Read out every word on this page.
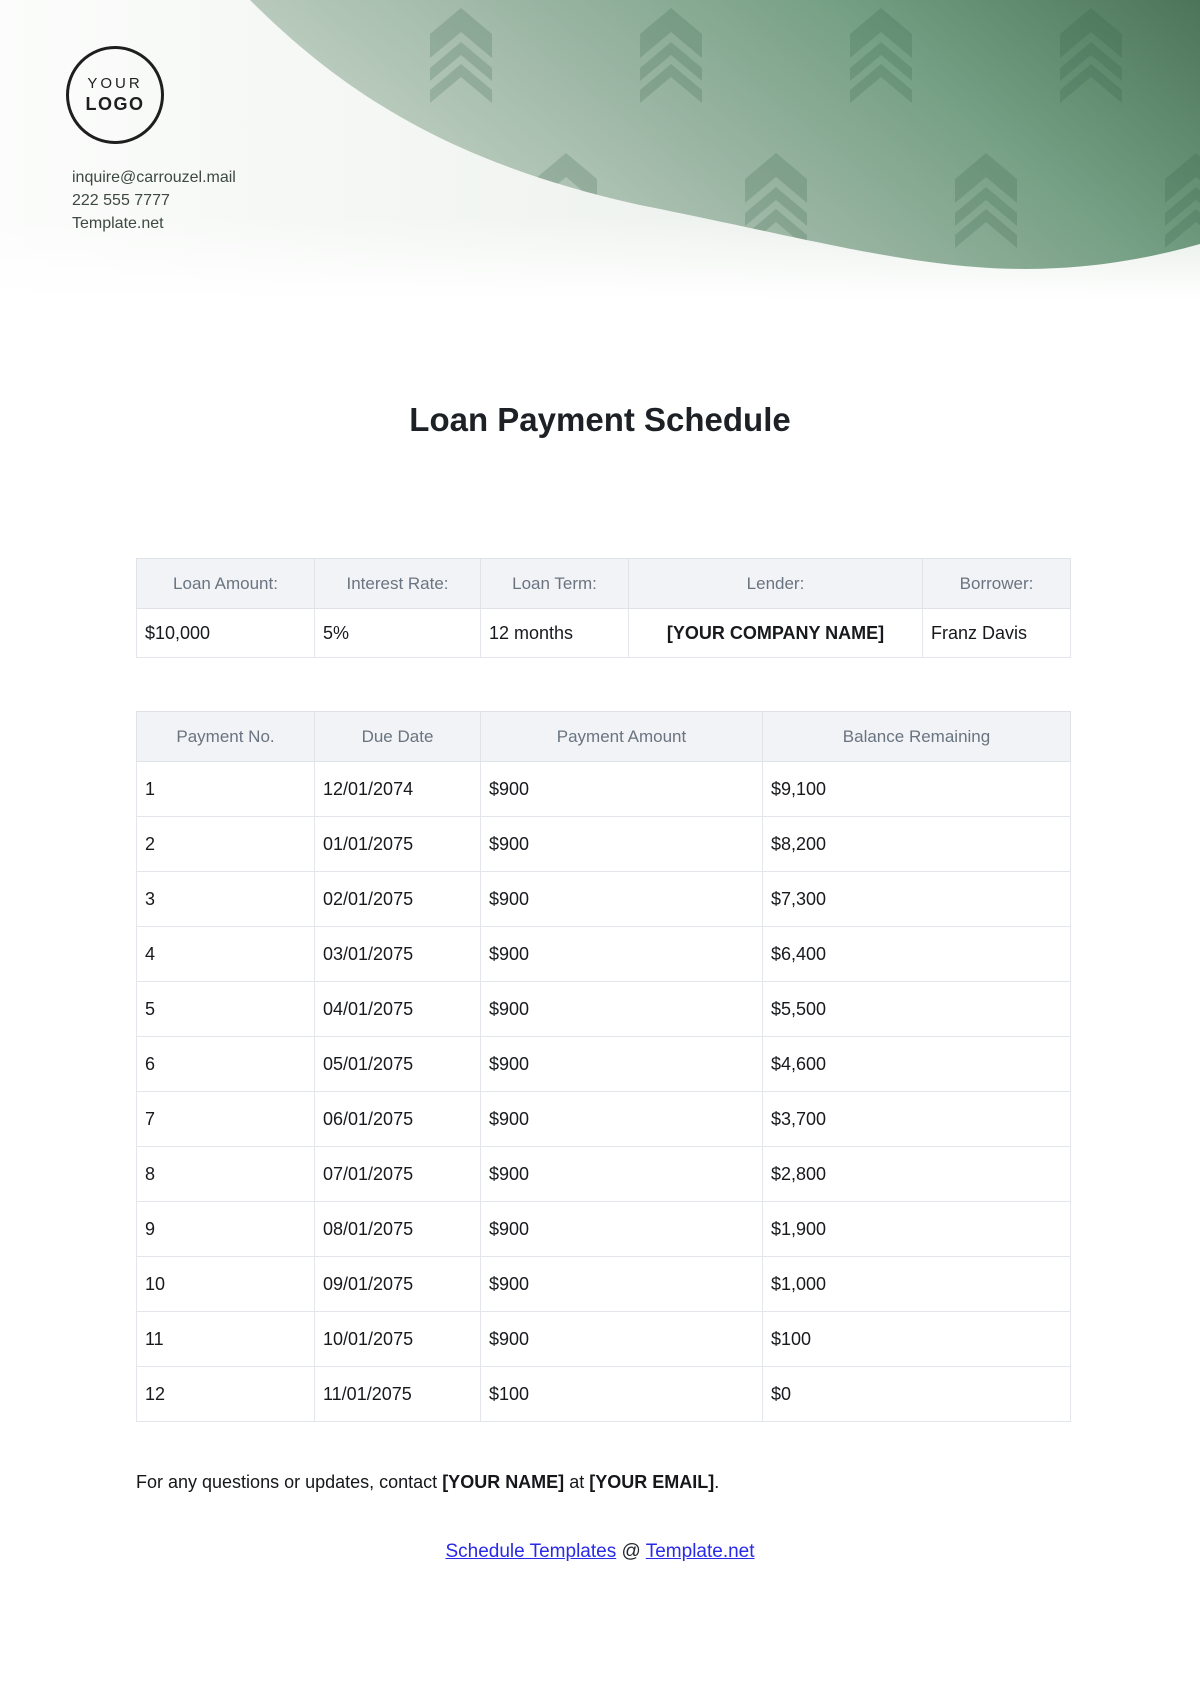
YOUR
LOGO
inquire@carrouzel.mail
222 555 7777
Template.net
Loan Payment Schedule
Loan Amount:	Interest Rate:	Loan Term:	Lender:	Borrower:
$10,000	5%	12 months	[YOUR COMPANY NAME]	Franz Davis
Payment No.	Due Date	Payment Amount	Balance Remaining
1	12/01/2074	$900	$9,100
2	01/01/2075	$900	$8,200
3	02/01/2075	$900	$7,300
4	03/01/2075	$900	$6,400
5	04/01/2075	$900	$5,500
6	05/01/2075	$900	$4,600
7	06/01/2075	$900	$3,700
8	07/01/2075	$900	$2,800
9	08/01/2075	$900	$1,900
10	09/01/2075	$900	$1,000
11	10/01/2075	$900	$100
12	11/01/2075	$100	$0

For any questions or updates, contact [YOUR NAME] at [YOUR EMAIL].

Schedule Templates @ Template.net
